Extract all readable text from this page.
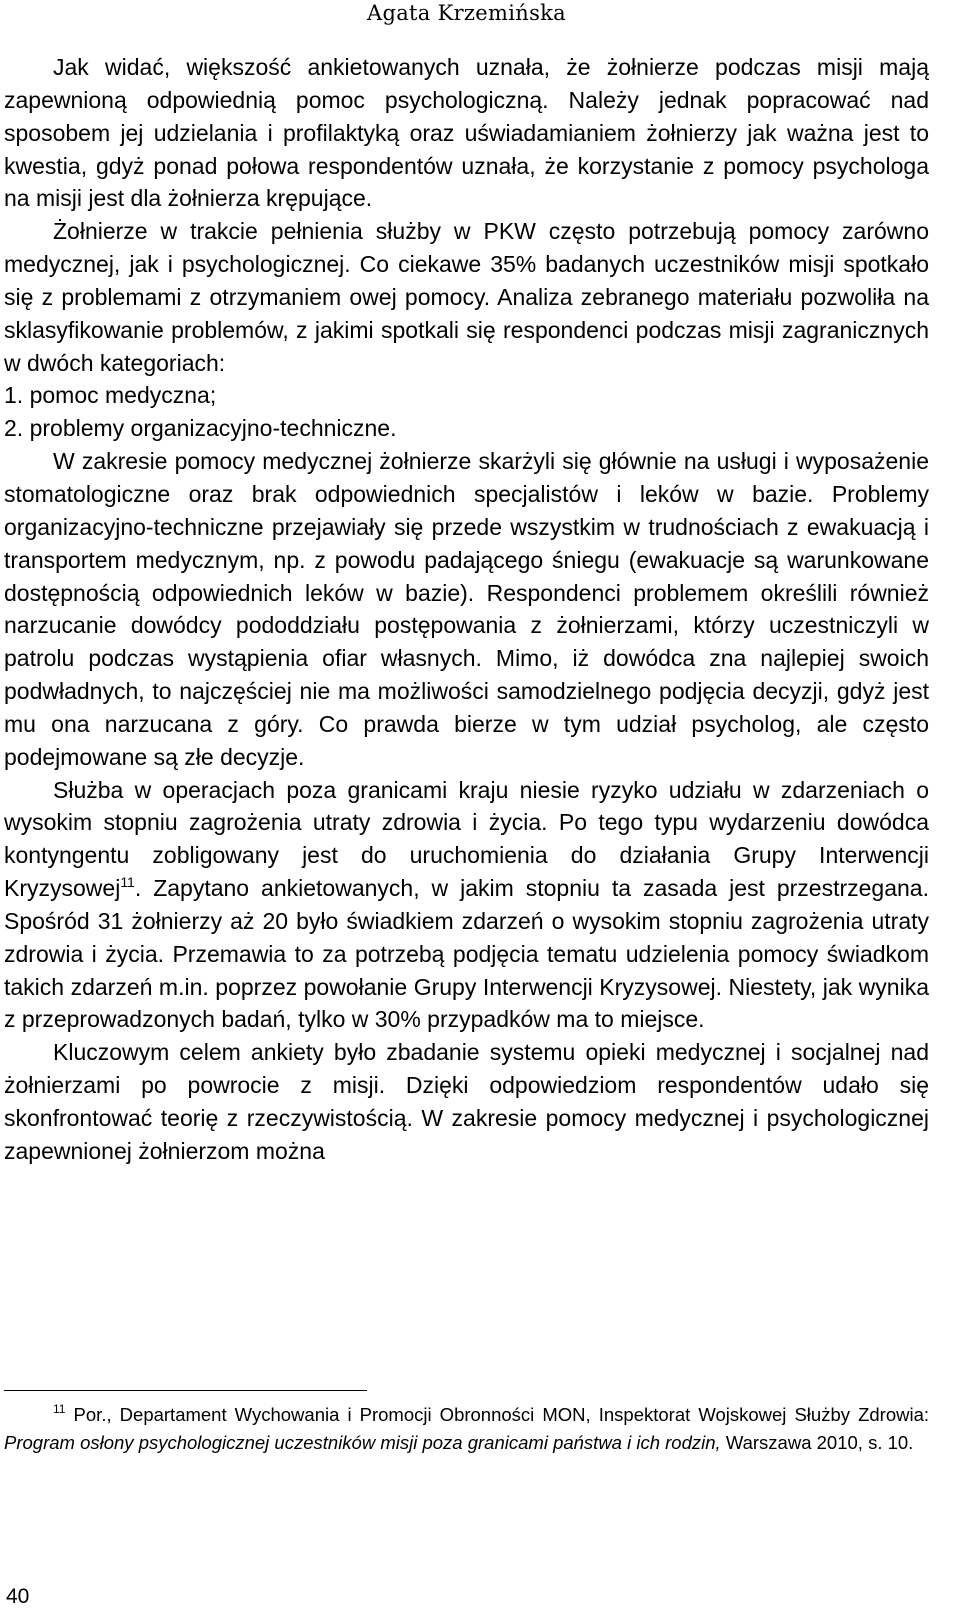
Agata Krzemińska

Jak widać, większość ankietowanych uznała, że żołnierze podczas misji mają zapewnioną odpowiednią pomoc psychologiczną. Należy jednak popracować nad sposobem jej udzielania i profilaktyką oraz uświadamianiem żołnierzy jak ważna jest to kwestia, gdyż ponad połowa respondentów uznała, że korzystanie z pomocy psychologa na misji jest dla żołnierza krępujące.

Żołnierze w trakcie pełnienia służby w PKW często potrzebują pomocy zarówno medycznej, jak i psychologicznej. Co ciekawe 35% badanych uczestników misji spotkało się z problemami z otrzymaniem owej pomocy. Analiza zebranego materiału pozwoliła na sklasyfikowanie problemów, z jakimi spotkali się respondenci podczas misji zagranicznych w dwóch kategoriach:

1. pomoc medyczna;

2. problemy organizacyjno-techniczne.

W zakresie pomocy medycznej żołnierze skarżyli się głównie na usługi i wyposażenie stomatologiczne oraz brak odpowiednich specjalistów i leków w bazie. Problemy organizacyjno-techniczne przejawiały się przede wszystkim w trudnościach z ewakuacją i transportem medycznym, np. z powodu padającego śniegu (ewakuacje są warunkowane dostępnością odpowiednich leków w bazie). Respondenci problemem określili również narzucanie dowódcy pododdziału postępowania z żołnierzami, którzy uczestniczyli w patrolu podczas wystąpienia ofiar własnych. Mimo, iż dowódca zna najlepiej swoich podwładnych, to najczęściej nie ma możliwości samodzielnego podjęcia decyzji, gdyż jest mu ona narzucana z góry. Co prawda bierze w tym udział psycholog, ale często podejmowane są złe decyzje.

Służba w operacjach poza granicami kraju niesie ryzyko udziału w zdarzeniach o wysokim stopniu zagrożenia utraty zdrowia i życia. Po tego typu wydarzeniu dowódca kontyngentu zobligowany jest do uruchomienia do działania Grupy Interwencji Kryzysowej$^{11}$. Zapytano ankietowanych, w jakim stopniu ta zasada jest przestrzegana. Spośród 31 żołnierzy aż 20 było świadkiem zdarzeń o wysokim stopniu zagrożenia utraty zdrowia i życia. Przemawia to za potrzebą podjęcia tematu udzielenia pomocy świadkom takich zdarzeń m.in. poprzez powołanie Grupy Interwencji Kryzysowej. Niestety, jak wynika z przeprowadzonych badań, tylko w 30% przypadków ma to miejsce.

Kluczowym celem ankiety było zbadanie systemu opieki medycznej i socjalnej nad żołnierzami po powrocie z misji. Dzięki odpowiedziom respondentów udało się skonfrontować teorię z rzeczywistością. W zakresie pomocy medycznej i psychologicznej zapewnionej żołnierzom można

$^{11}$ Por., Departament Wychowania i Promocji Obronności MON, Inspektorat Wojskowej Służby Zdrowia: Program osłony psychologicznej uczestników misji poza granicami państwa i ich rodzin, Warszawa 2010, s. 10.

40
